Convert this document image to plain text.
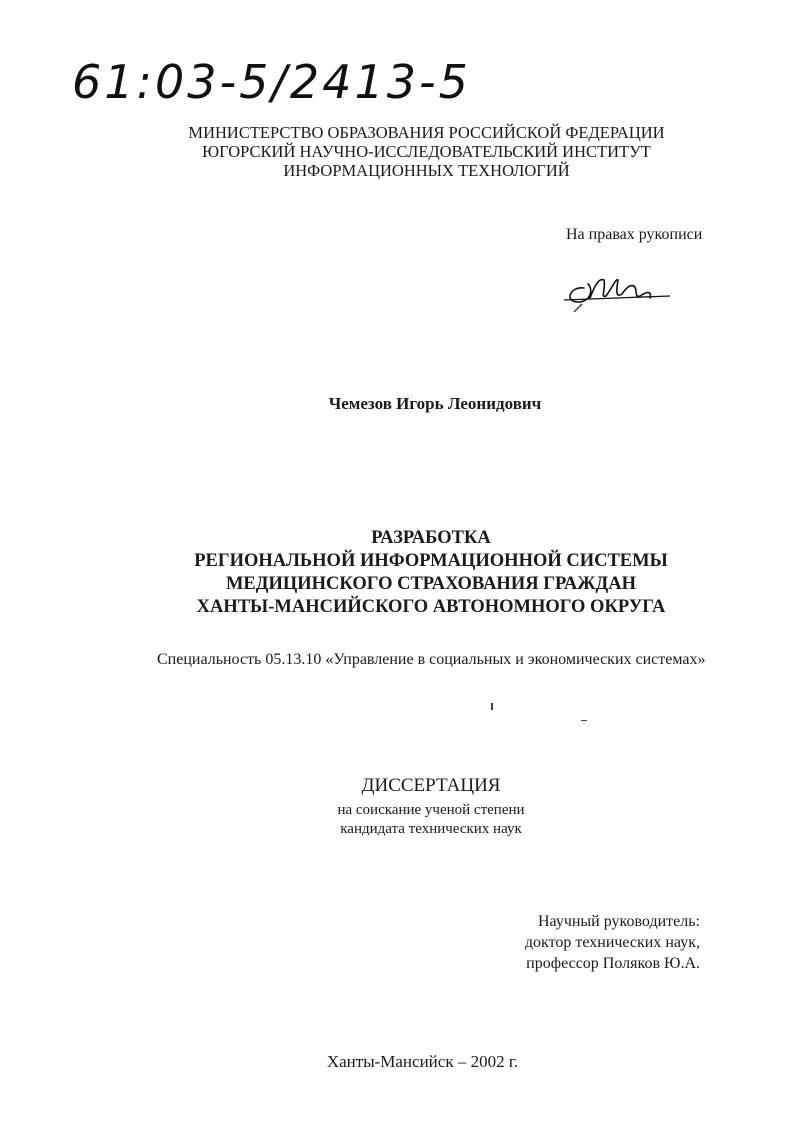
61:03-5/2413-5
МИНИСТЕРСТВО ОБРАЗОВАНИЯ РОССИЙСКОЙ ФЕДЕРАЦИИ
ЮГОРСКИЙ НАУЧНО-ИССЛЕДОВАТЕЛЬСКИЙ ИНСТИТУТ
ИНФОРМАЦИОННЫХ ТЕХНОЛОГИЙ
На правах рукописи
Чемезов Игорь Леонидович
РАЗРАБОТКА
РЕГИОНАЛЬНОЙ ИНФОРМАЦИОННОЙ СИСТЕМЫ
МЕДИЦИНСКОГО СТРАХОВАНИЯ ГРАЖДАН
ХАНТЫ-МАНСИЙСКОГО АВТОНОМНОГО ОКРУГА
Специальность 05.13.10 «Управление в социальных и экономических системах»
ДИССЕРТАЦИЯ
на соискание ученой степени
кандидата технических наук
Научный руководитель:
доктор технических наук,
профессор Поляков Ю.А.
Ханты-Мансийск – 2002 г.
